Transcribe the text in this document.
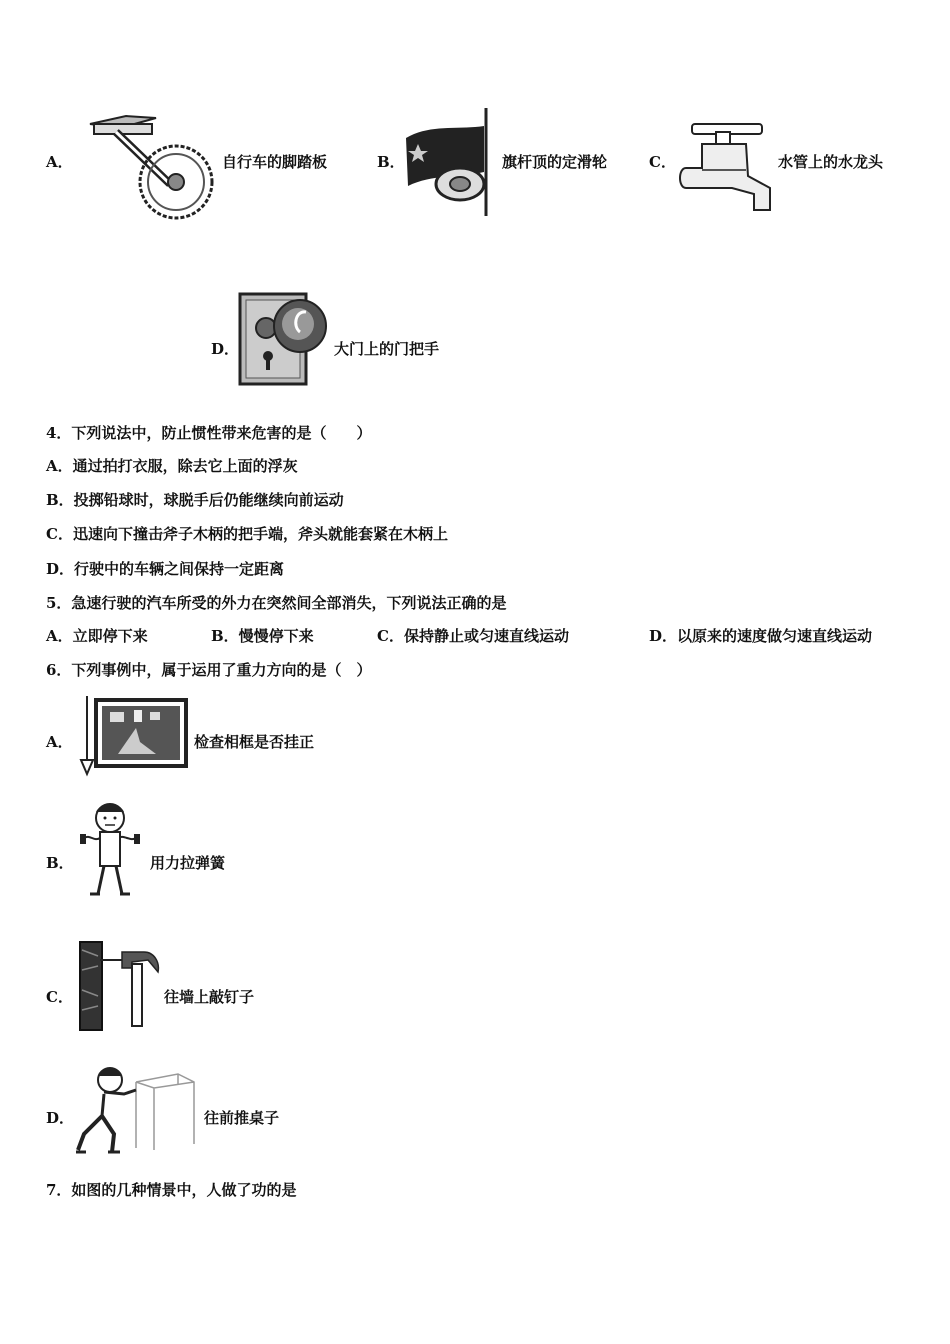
A．	自行车的脚踏板	B．	旗杆顶的定滑轮	C．	水管上的水龙头
D．	大门上的门把手
4．下列说法中，防止惯性带来危害的是（　　）
A．通过拍打衣服，除去它上面的浮灰
B．投掷铅球时，球脱手后仍能继续向前运动
C．迅速向下撞击斧子木柄的把手端，斧头就能套紧在木柄上
D．行驶中的车辆之间保持一定距离
5．急速行驶的汽车所受的外力在突然间全部消失，下列说法正确的是
A．立即停下来	B．慢慢停下来	C．保持静止或匀速直线运动	D．以原来的速度做匀速直线运动
6．下列事例中，属于运用了重力方向的是（　）
A．	检查相框是否挂正
B．	用力拉弹簧
C．	往墙上敲钉子
D．	往前推桌子
7．如图的几种情景中，人做了功的是
